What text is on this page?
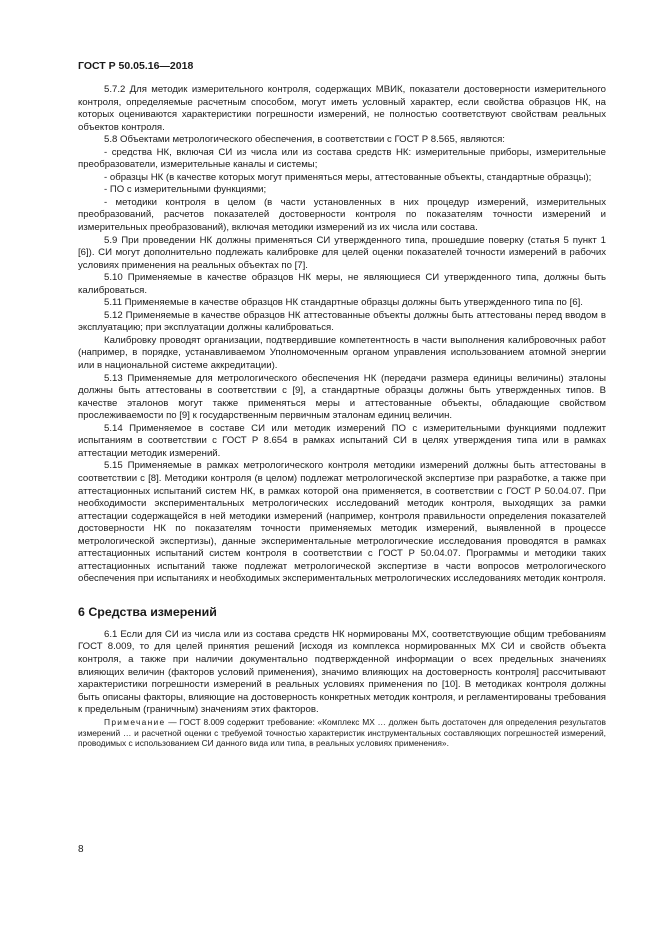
ГОСТ Р 50.05.16—2018

5.7.2 Для методик измерительного контроля, содержащих МВИК, показатели достоверности измерительного контроля, определяемые расчетным способом, могут иметь условный характер, если свойства образцов НК, на которых оцениваются характеристики погрешности измерений, не полностью соответствуют свойствам реальных объектов контроля.

5.8 Объектами метрологического обеспечения, в соответствии с ГОСТ Р 8.565, являются:

- средства НК, включая СИ из числа или из состава средств НК: измерительные приборы, измерительные преобразователи, измерительные каналы и системы;

- образцы НК (в качестве которых могут применяться меры, аттестованные объекты, стандартные образцы);

- ПО с измерительными функциями;

- методики контроля в целом (в части установленных в них процедур измерений, измерительных преобразований, расчетов показателей достоверности контроля по показателям точности измерений и измерительных преобразований), включая методики измерений из их числа или состава.

5.9 При проведении НК должны применяться СИ утвержденного типа, прошедшие поверку (статья 5 пункт 1 [6]). СИ могут дополнительно подлежать калибровке для целей оценки показателей точности измерений в рабочих условиях применения на реальных объектах по [7].

5.10 Применяемые в качестве образцов НК меры, не являющиеся СИ утвержденного типа, должны быть калиброваться.

5.11 Применяемые в качестве образцов НК стандартные образцы должны быть утвержденного типа по [6].

5.12 Применяемые в качестве образцов НК аттестованные объекты должны быть аттестованы перед вводом в эксплуатацию; при эксплуатации должны калиброваться.

Калибровку проводят организации, подтвердившие компетентность в части выполнения калибровочных работ (например, в порядке, устанавливаемом Уполномоченным органом управления использованием атомной энергии или в национальной системе аккредитации).

5.13 Применяемые для метрологического обеспечения НК (передачи размера единицы величины) эталоны должны быть аттестованы в соответствии с [9], а стандартные образцы должны быть утвержденных типов. В качестве эталонов могут также применяться меры и аттестованные объекты, обладающие свойством прослеживаемости по [9] к государственным первичным эталонам единиц величин.

5.14 Применяемое в составе СИ или методик измерений ПО с измерительными функциями подлежит испытаниям в соответствии с ГОСТ Р 8.654 в рамках испытаний СИ в целях утверждения типа или в рамках аттестации методик измерений.

5.15 Применяемые в рамках метрологического контроля методики измерений должны быть аттестованы в соответствии с [8]. Методики контроля (в целом) подлежат метрологической экспертизе при разработке, а также при аттестационных испытаний систем НК, в рамках которой она применяется, в соответствии с ГОСТ Р 50.04.07. При необходимости экспериментальных метрологических исследований методик контроля, выходящих за рамки аттестации содержащейся в ней методики измерений (например, контроля правильности определения показателей достоверности НК по показателям точности применяемых методик измерений, выявленной в процессе метрологической экспертизы), данные экспериментальные метрологические исследования проводятся в рамках аттестационных испытаний систем контроля в соответствии с ГОСТ Р 50.04.07. Программы и методики таких аттестационных испытаний также подлежат метрологической экспертизе в части вопросов метрологического обеспечения при испытаниях и необходимых экспериментальных метрологических исследованиях методик контроля.

6 Средства измерений

6.1 Если для СИ из числа или из состава средств НК нормированы МХ, соответствующие общим требованиям ГОСТ 8.009, то для целей принятия решений [исходя из комплекса нормированных МХ СИ и свойств объекта контроля, а также при наличии документально подтвержденной информации о всех предельных значениях влияющих величин (факторов условий применения), значимо влияющих на достоверность контроля] рассчитывают характеристики погрешности измерений в реальных условиях применения по [10]. В методиках контроля должны быть описаны факторы, влияющие на достоверность конкретных методик контроля, и регламентированы требования к предельным (граничным) значениям этих факторов.

Примечание — ГОСТ 8.009 содержит требование: «Комплекс МХ … должен быть достаточен для определения результатов измерений … и расчетной оценки с требуемой точностью характеристик инструментальных составляющих погрешностей измерений, проводимых с использованием СИ данного вида или типа, в реальных условиях применения».

8
